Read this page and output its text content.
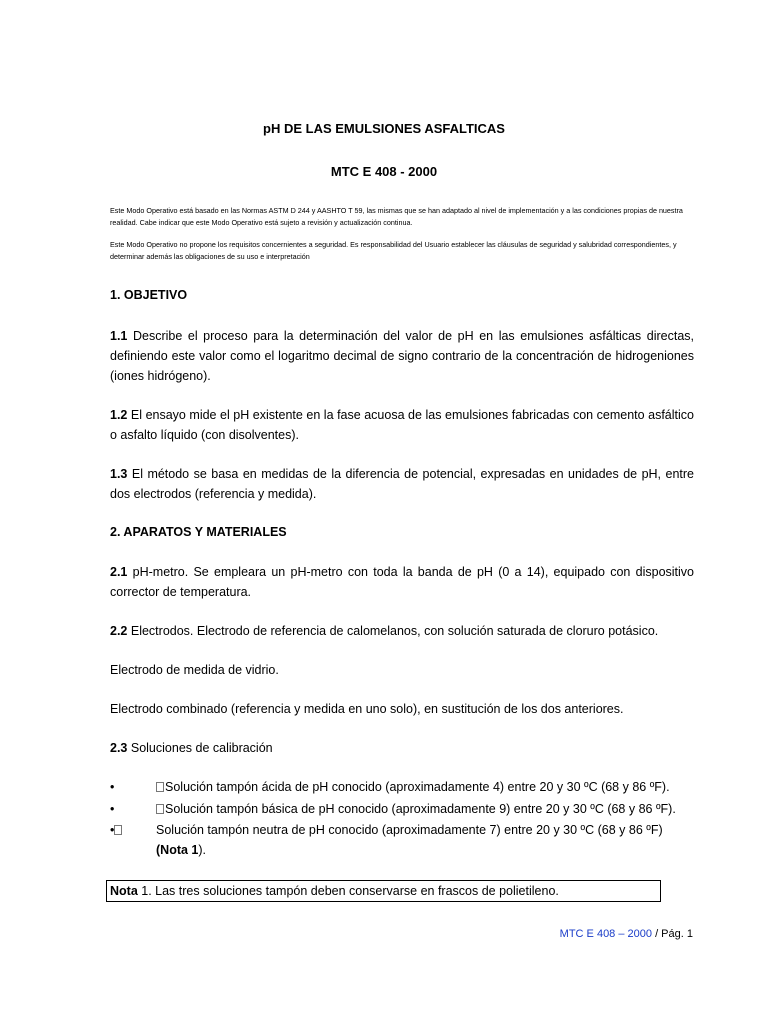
pH DE LAS EMULSIONES ASFALTICAS
MTC E 408 - 2000
Este Modo Operativo está basado en las Normas ASTM D 244 y AASHTO T 59, las mismas que se han adaptado al nivel de implementación y a las condiciones propias de nuestra realidad. Cabe indicar que este Modo Operativo está sujeto a revisión y actualización continua.
Este Modo Operativo no propone los requisitos concernientes a seguridad. Es responsabilidad del Usuario establecer las cláusulas de seguridad y salubridad correspondientes, y determinar además las obligaciones de su uso e interpretación
1. OBJETIVO
1.1 Describe el proceso para la determinación del valor de pH en las emulsiones asfálticas directas, definiendo este valor como el logaritmo decimal de signo contrario de la concentración de hidrogeniones (iones hidrógeno).
1.2 El ensayo mide el pH existente en la fase acuosa de las emulsiones fabricadas con cemento asfáltico o asfalto líquido (con disolventes).
1.3 El método se basa en medidas de la diferencia de potencial, expresadas en unidades de pH, entre dos electrodos (referencia y medida).
2. APARATOS Y MATERIALES
2.1 pH-metro. Se empleara un pH-metro con toda la banda de pH (0 a 14), equipado con dispositivo corrector de temperatura.
2.2 Electrodos. Electrodo de referencia de calomelanos, con solución saturada de cloruro potásico.
Electrodo de medida de vidrio.
Electrodo combinado (referencia y medida en uno solo), en sustitución de los dos anteriores.
2.3 Soluciones de calibración
•	Solución tampón ácida de pH conocido (aproximadamente 4) entre 20 y 30 ºC (68 y 86 ºF).
•	Solución tampón básica de pH conocido (aproximadamente 9) entre 20 y 30 ºC (68 y 86 ºF).
•	Solución tampón neutra de pH conocido (aproximadamente 7) entre 20 y 30 ºC (68 y 86 ºF)
(Nota 1).
Nota 1. Las tres soluciones tampón deben conservarse en frascos de polietileno.
MTC E 408 – 2000 / Pág. 1
